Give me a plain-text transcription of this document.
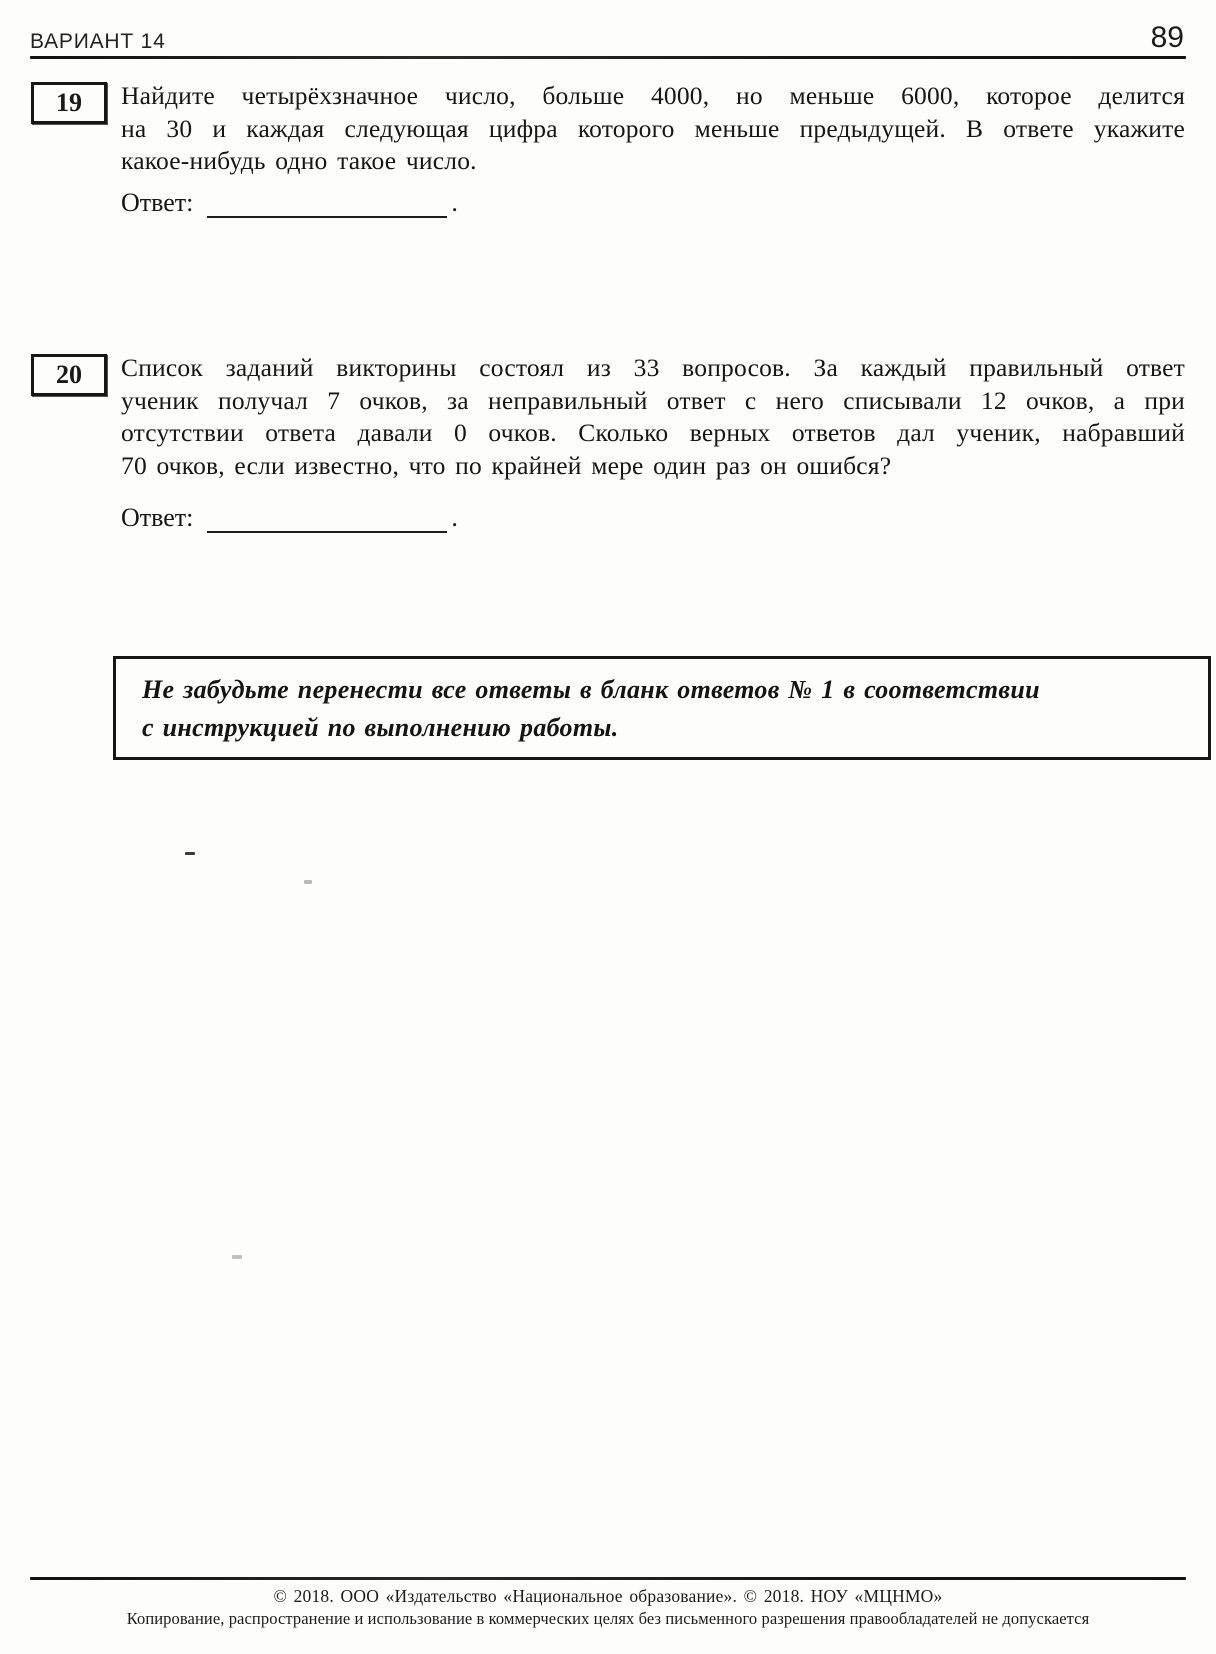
ВАРИАНТ 14	89
19 Найдите четырёхзначное число, больше 4000, но меньше 6000, которое делится
на 30 и каждая следующая цифра которого меньше предыдущей. В ответе укажите
какое-нибудь одно такое число.
Ответ:	.
20 Список заданий викторины состоял из 33 вопросов. За каждый правильный ответ
ученик получал 7 очков, за неправильный ответ с него списывали 12 очков, а при
отсутствии ответа давали 0 очков. Сколько верных ответов дал ученик, набравший
70 очков, если известно, что по крайней мере один раз он ошибся?
Ответ:	.
Не забудьте перенести все ответы в бланк ответов № 1 в соответствии
с инструкцией по выполнению работы.
© 2018. ООО «Издательство «Национальное образование». © 2018. НОУ «МЦНМО»
Копирование, распространение и использование в коммерческих целях без письменного разрешения правообладателей не допускается
